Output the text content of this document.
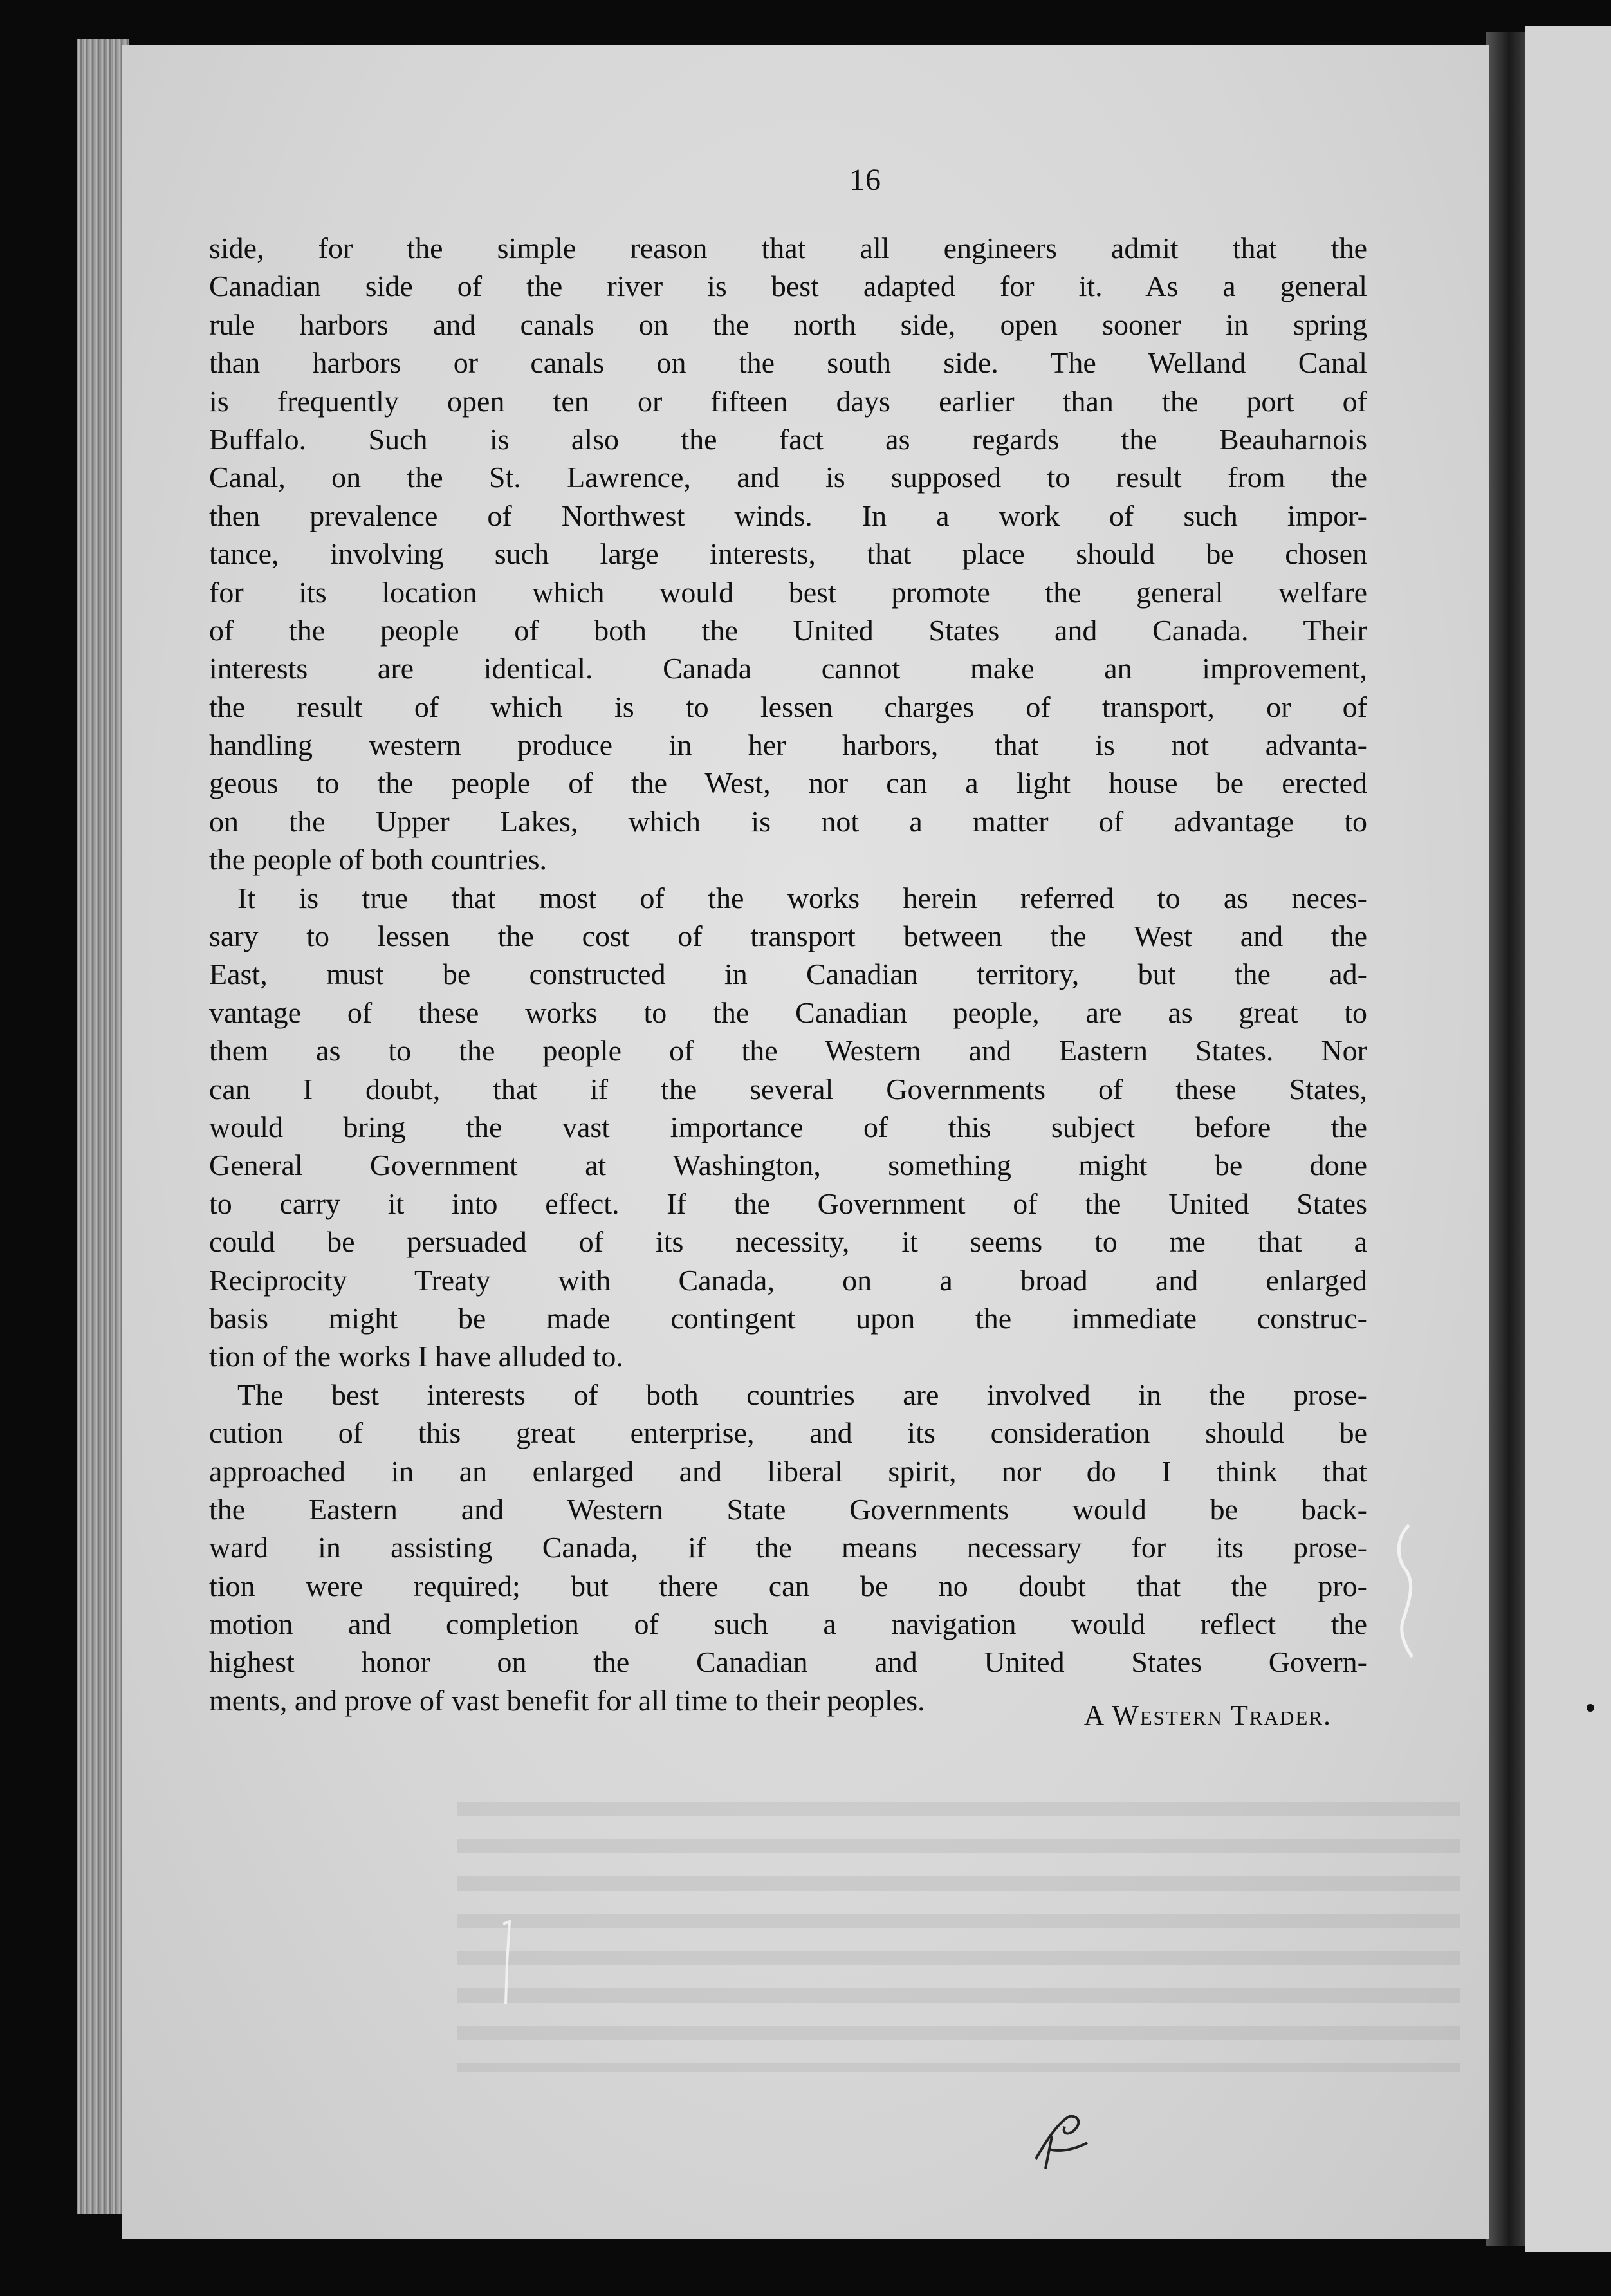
16
side, for the simple reason that all engineers admit that the
Canadian side of the river is best adapted for it. As a general
rule harbors and canals on the north side, open sooner in spring
than harbors or canals on the south side. The Welland Canal
is frequently open ten or fifteen days earlier than the port of
Buffalo. Such is also the fact as regards the Beauharnois
Canal, on the St. Lawrence, and is supposed to result from the
then prevalence of Northwest winds. In a work of such impor-
tance, involving such large interests, that place should be chosen
for its location which would best promote the general welfare
of the people of both the United States and Canada. Their
interests are identical. Canada cannot make an improvement,
the result of which is to lessen charges of transport, or of
handling western produce in her harbors, that is not advanta-
geous to the people of the West, nor can a light house be erected
on the Upper Lakes, which is not a matter of advantage to
the people of both countries.
It is true that most of the works herein referred to as neces-
sary to lessen the cost of transport between the West and the
East, must be constructed in Canadian territory, but the ad-
vantage of these works to the Canadian people, are as great to
them as to the people of the Western and Eastern States. Nor
can I doubt, that if the several Governments of these States,
would bring the vast importance of this subject before the
General Government at Washington, something might be done
to carry it into effect. If the Government of the United States
could be persuaded of its necessity, it seems to me that a
Reciprocity Treaty with Canada, on a broad and enlarged
basis might be made contingent upon the immediate construc-
tion of the works I have alluded to.
The best interests of both countries are involved in the prose-
cution of this great enterprise, and its consideration should be
approached in an enlarged and liberal spirit, nor do I think that
the Eastern and Western State Governments would be back-
ward in assisting Canada, if the means necessary for its prose-
tion were required; but there can be no doubt that the pro-
motion and completion of such a navigation would reflect the
highest honor on the Canadian and United States Govern-
ments, and prove of vast benefit for all time to their peoples.	A Western Trader.
